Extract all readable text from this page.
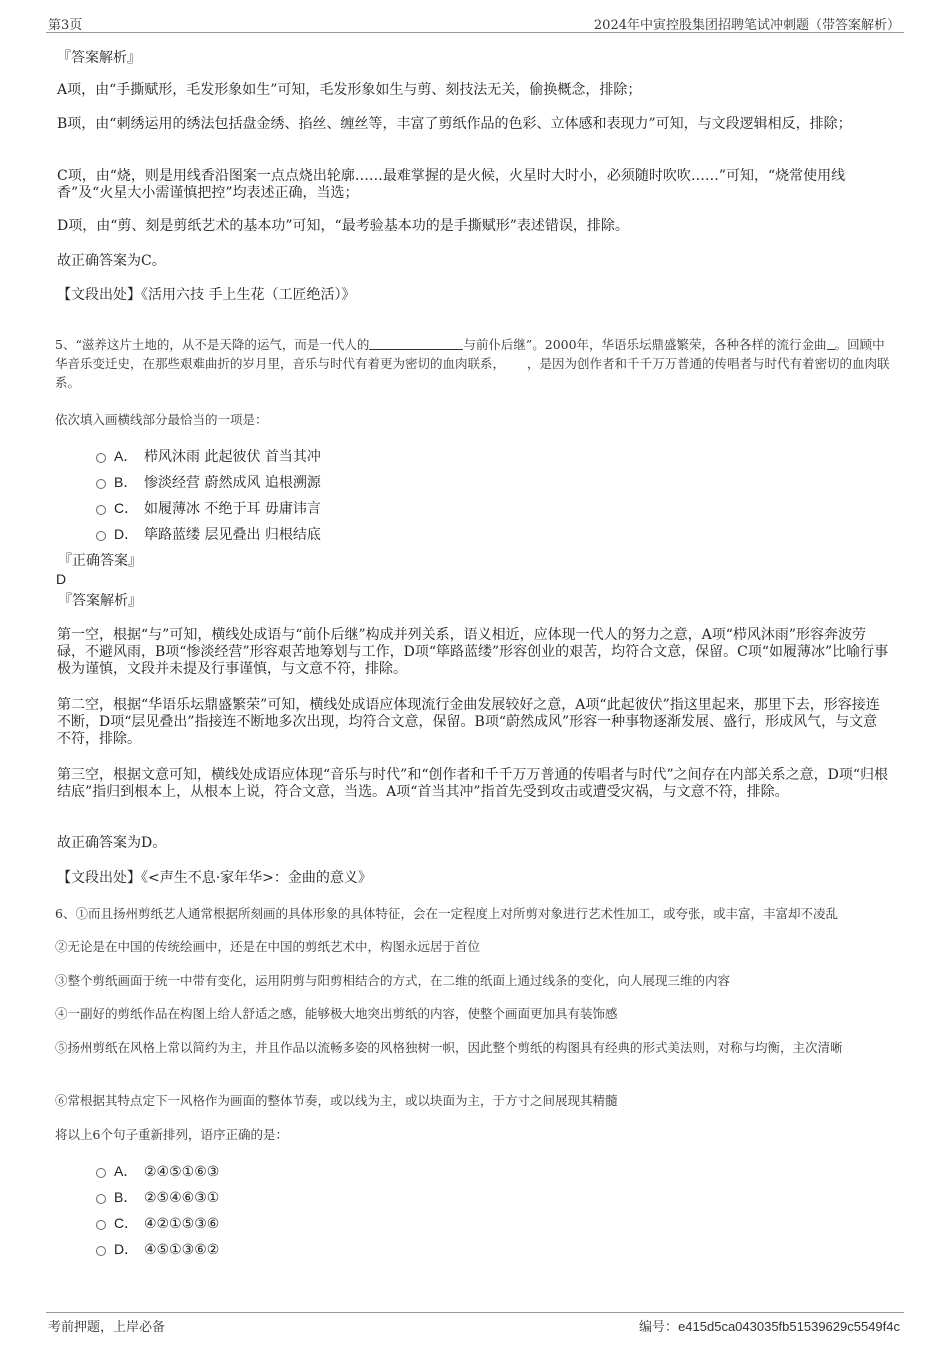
第3页	2024年中寅控股集团招聘笔试冲刺题（带答案解析）
『答案解析』
A项，由“手撕赋形，毛发形象如生”可知，毛发形象如生与剪、刻技法无关，偷换概念，排除；
B项，由“刺绣运用的绣法包括盘金绣、掐丝、缠丝等，丰富了剪纸作品的色彩、立体感和表现力”可知，与文段逻辑相反，排除；
C项，由“烧，则是用线香沿图案一点点烧出轮廓……最难掌握的是火候，火星时大时小，必须随时吹吹……”可知，“烧常使用线香”及“火星大小需谨慎把控”均表述正确，当选；
D项，由“剪、刻是剪纸艺术的基本功”可知，“最考验基本功的是手撕赋形”表述错误，排除。
故正确答案为C。
【文段出处】《活用六技 手上生花（工匠绝活）》
5、“滋养这片土地的，从不是天降的运气，而是一代人的	与前仆后继”。2000年，华语乐坛鼎盛繁荣，各种各样的流行金曲 。回顾中华音乐变迁史，在那些艰难曲折的岁月里，音乐与时代有着更为密切的血肉联系， ，是因为创作者和千千万万普通的传唱者与时代有着密切的血肉联系。
依次填入画横线部分最恰当的一项是：
A． 栉风沐雨 此起彼伏 首当其冲
B． 惨淡经营 蔚然成风 追根溯源
C． 如履薄冰 不绝于耳 毋庸讳言
D． 筚路蓝缕 层见叠出 归根结底
『正确答案』
D
『答案解析』
第一空，根据“与”可知，横线处成语与“前仆后继”构成并列关系，语义相近，应体现一代人的努力之意，A项“栉风沐雨”形容奔波劳碌，不避风雨，B项“惨淡经营”形容艰苦地筹划与工作，D项“筚路蓝缕”形容创业的艰苦，均符合文意，保留。C项“如履薄冰”比喻行事极为谨慎，文段并未提及行事谨慎，与文意不符，排除。
第二空，根据“华语乐坛鼎盛繁荣”可知，横线处成语应体现流行金曲发展较好之意，A项“此起彼伏”指这里起来，那里下去，形容接连不断，D项“层见叠出”指接连不断地多次出现，均符合文意，保留。B项“蔚然成风”形容一种事物逐渐发展、盛行，形成风气，与文意不符，排除。
第三空，根据文意可知，横线处成语应体现“音乐与时代”和“创作者和千千万万普通的传唱者与时代”之间存在内部关系之意，D项“归根结底”指归到根本上，从根本上说，符合文意，当选。A项“首当其冲”指首先受到攻击或遭受灾祸，与文意不符，排除。
故正确答案为D。
【文段出处】《<声生不息·家年华>：金曲的意义》
6、①而且扬州剪纸艺人通常根据所刻画的具体形象的具体特征，会在一定程度上对所剪对象进行艺术性加工，或夸张，或丰富，丰富却不凌乱
②无论是在中国的传统绘画中，还是在中国的剪纸艺术中，构图永远居于首位
③整个剪纸画面于统一中带有变化，运用阴剪与阳剪相结合的方式，在二维的纸面上通过线条的变化，向人展现三维的内容
④一副好的剪纸作品在构图上给人舒适之感，能够极大地突出剪纸的内容，使整个画面更加具有装饰感
⑤扬州剪纸在风格上常以简约为主，并且作品以流畅多姿的风格独树一帜，因此整个剪纸的构图具有经典的形式美法则，对称与均衡，主次清晰
⑥常根据其特点定下一风格作为画面的整体节奏，或以线为主，或以块面为主，于方寸之间展现其精髓
将以上6个句子重新排列，语序正确的是：
A． ②④⑤①⑥③
B． ②⑤④⑥③①
C． ④②①⑤③⑥
D． ④⑤①③⑥②
考前押题，上岸必备	编号：e415d5ca043035fb51539629c5549f4c
